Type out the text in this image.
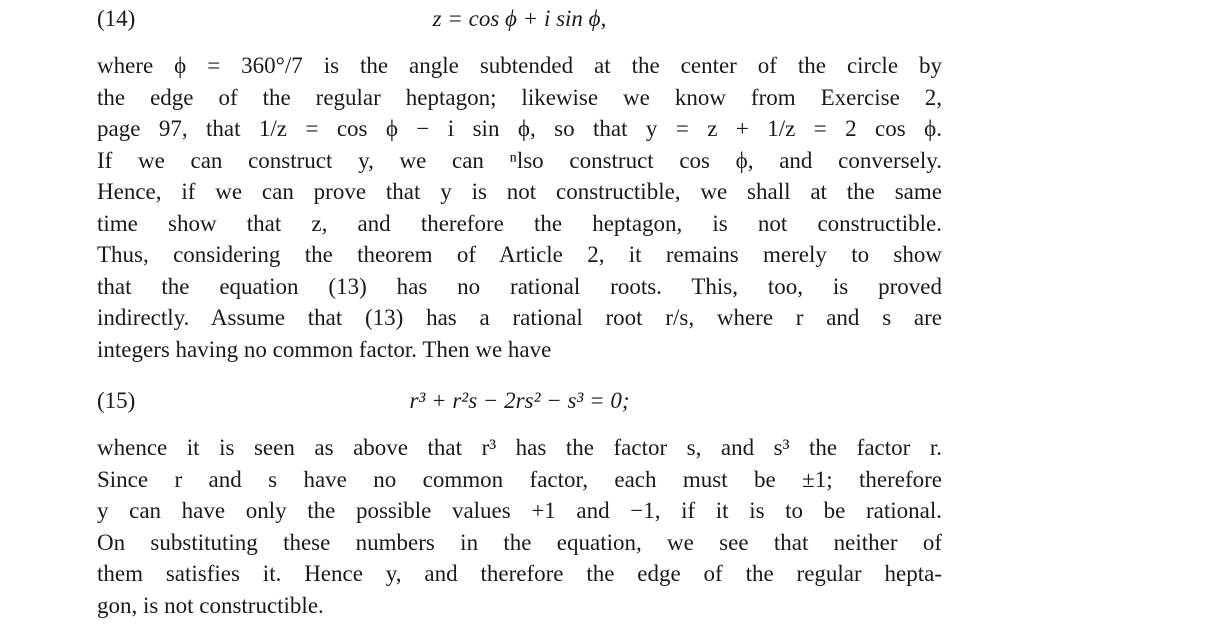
(14)	z = cos ϕ + i sin ϕ,
where ϕ = 360°/7 is the angle subtended at the center of the circle by
the edge of the regular heptagon; likewise we know from Exercise 2,
page 97, that 1/z = cos ϕ − i sin ϕ, so that y = z + 1/z = 2 cos ϕ.
If we can construct y, we can ⁿlso construct cos ϕ, and conversely.
Hence, if we can prove that y is not constructible, we shall at the same
time show that z, and therefore the heptagon, is not constructible.
Thus, considering the theorem of Article 2, it remains merely to show
that the equation (13) has no rational roots. This, too, is proved
indirectly. Assume that (13) has a rational root r/s, where r and s are
integers having no common factor. Then we have
(15)	r³ + r²s − 2rs² − s³ = 0;
whence it is seen as above that r³ has the factor s, and s³ the factor r.
Since r and s have no common factor, each must be ±1; therefore
y can have only the possible values +1 and −1, if it is to be rational.
On substituting these numbers in the equation, we see that neither of
them satisfies it. Hence y, and therefore the edge of the regular hepta-
gon, is not constructible.
